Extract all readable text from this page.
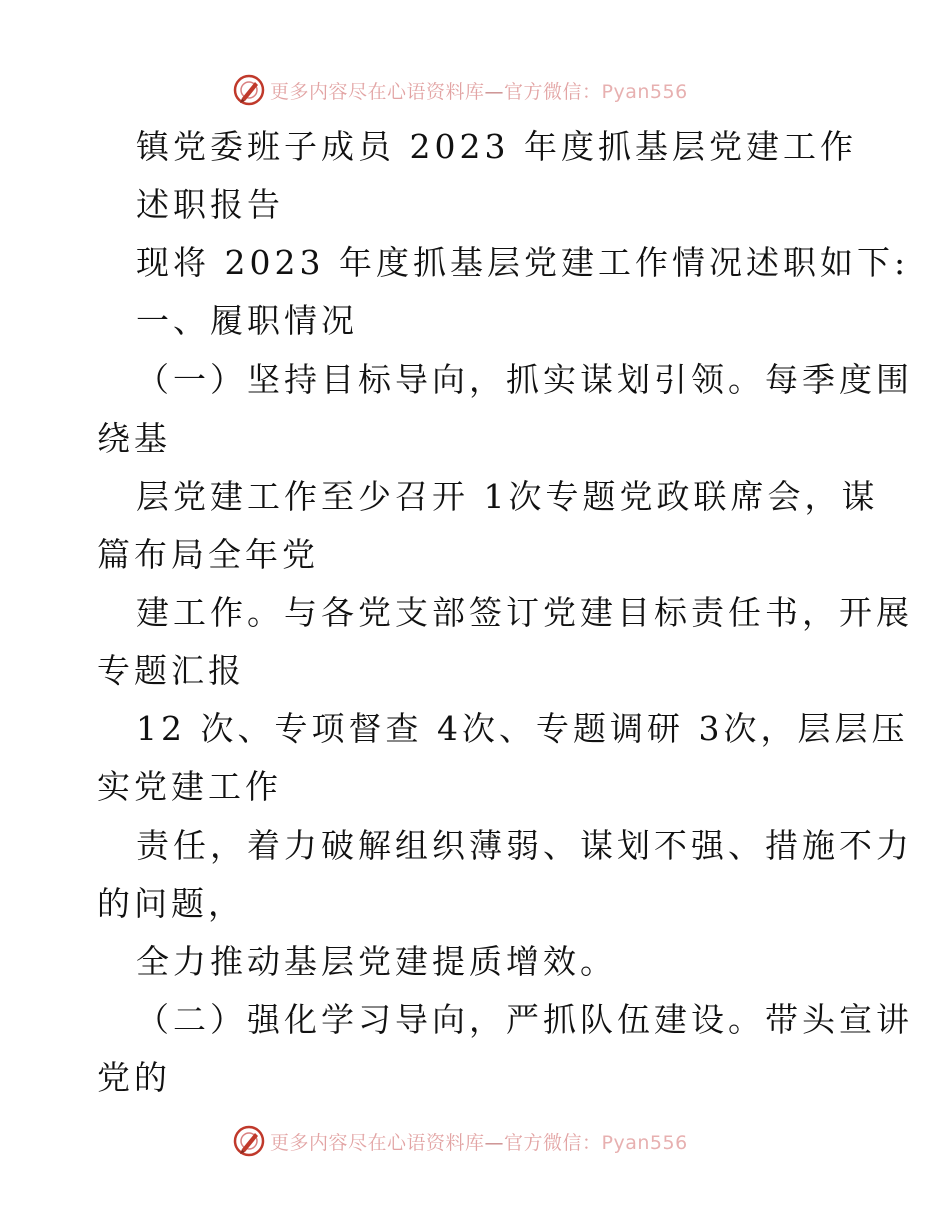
更多内容尽在心语资料库—官方微信：Pyan556
镇党委班子成员 2023 年度抓基层党建工作
述职报告
现将 2023 年度抓基层党建工作情况述职如下:
一、履职情况
（一）坚持目标导向，抓实谋划引领。每季度围
绕基
层党建工作至少召开 1次专题党政联席会，谋
篇布局全年党
建工作。与各党支部签订党建目标责任书，开展
专题汇报
12 次、专项督查 4次、专题调研 3次，层层压
实党建工作
责任，着力破解组织薄弱、谋划不强、措施不力
的问题，
全力推动基层党建提质增效。
（二）强化学习导向，严抓队伍建设。带头宣讲
党的
更多内容尽在心语资料库—官方微信：Pyan556
